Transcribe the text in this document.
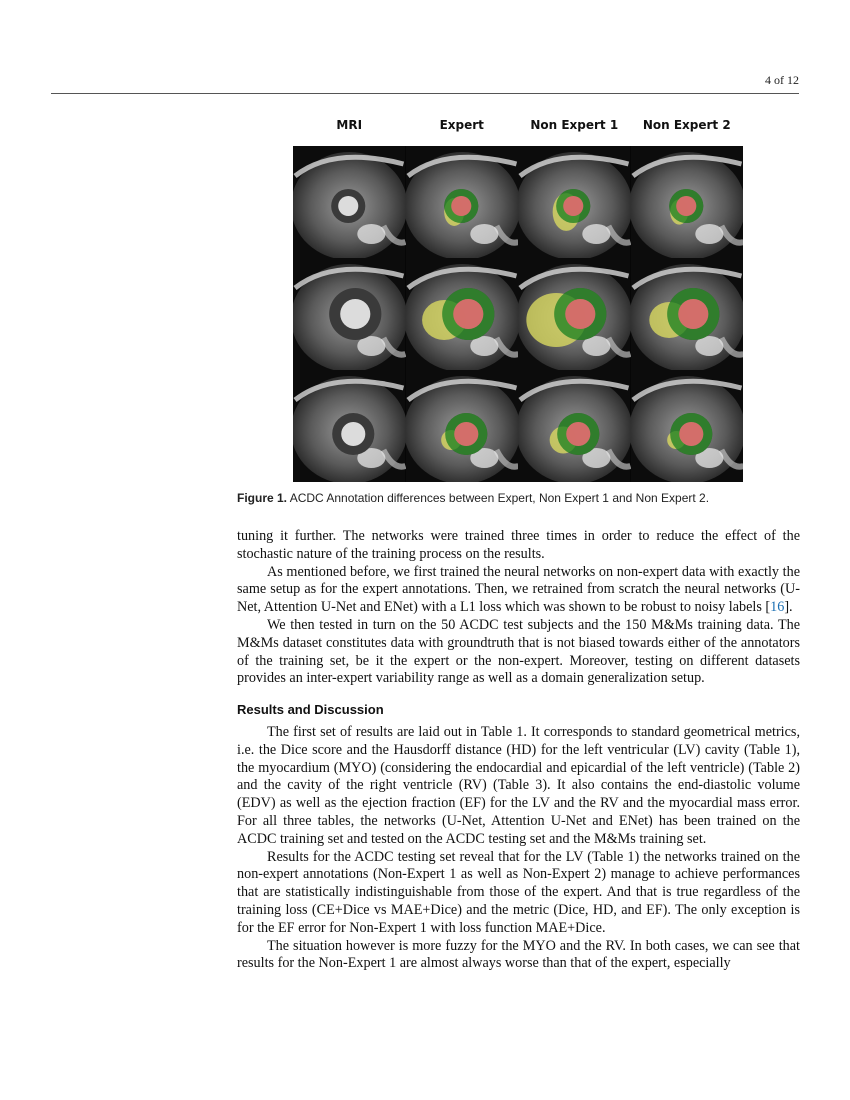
4 of 12
MRI	Expert	Non Expert 1	Non Expert 2
Figure 1. ACDC Annotation differences between Expert, Non Expert 1 and Non Expert 2.

tuning it further. The networks were trained three times in order to reduce the effect of the stochastic nature of the training process on the results.

As mentioned before, we first trained the neural networks on non-expert data with exactly the same setup as for the expert annotations. Then, we retrained from scratch the neural networks (U-Net, Attention U-Net and ENet) with a L1 loss which was shown to be robust to noisy labels [16].

We then tested in turn on the 50 ACDC test subjects and the 150 M&Ms training data. The M&Ms dataset constitutes data with groundtruth that is not biased towards either of the annotators of the training set, be it the expert or the non-expert. Moreover, testing on different datasets provides an inter-expert variability range as well as a domain generalization setup.

Results and Discussion

The first set of results are laid out in Table 1. It corresponds to standard geometrical metrics, i.e. the Dice score and the Hausdorff distance (HD) for the left ventricular (LV) cavity (Table 1), the myocardium (MYO) (considering the endocardial and epicardial of the left ventricle) (Table 2) and the cavity of the right ventricle (RV) (Table 3). It also contains the end-diastolic volume (EDV) as well as the ejection fraction (EF) for the LV and the RV and the myocardial mass error. For all three tables, the networks (U-Net, Attention U-Net and ENet) has been trained on the ACDC training set and tested on the ACDC testing set and the M&Ms training set.

Results for the ACDC testing set reveal that for the LV (Table 1) the networks trained on the non-expert annotations (Non-Expert 1 as well as Non-Expert 2) manage to achieve performances that are statistically indistinguishable from those of the expert. And that is true regardless of the training loss (CE+Dice vs MAE+Dice) and the metric (Dice, HD, and EF). The only exception is for the EF error for Non-Expert 1 with loss function MAE+Dice.

The situation however is more fuzzy for the MYO and the RV. In both cases, we can see that results for the Non-Expert 1 are almost always worse than that of the expert, especially
